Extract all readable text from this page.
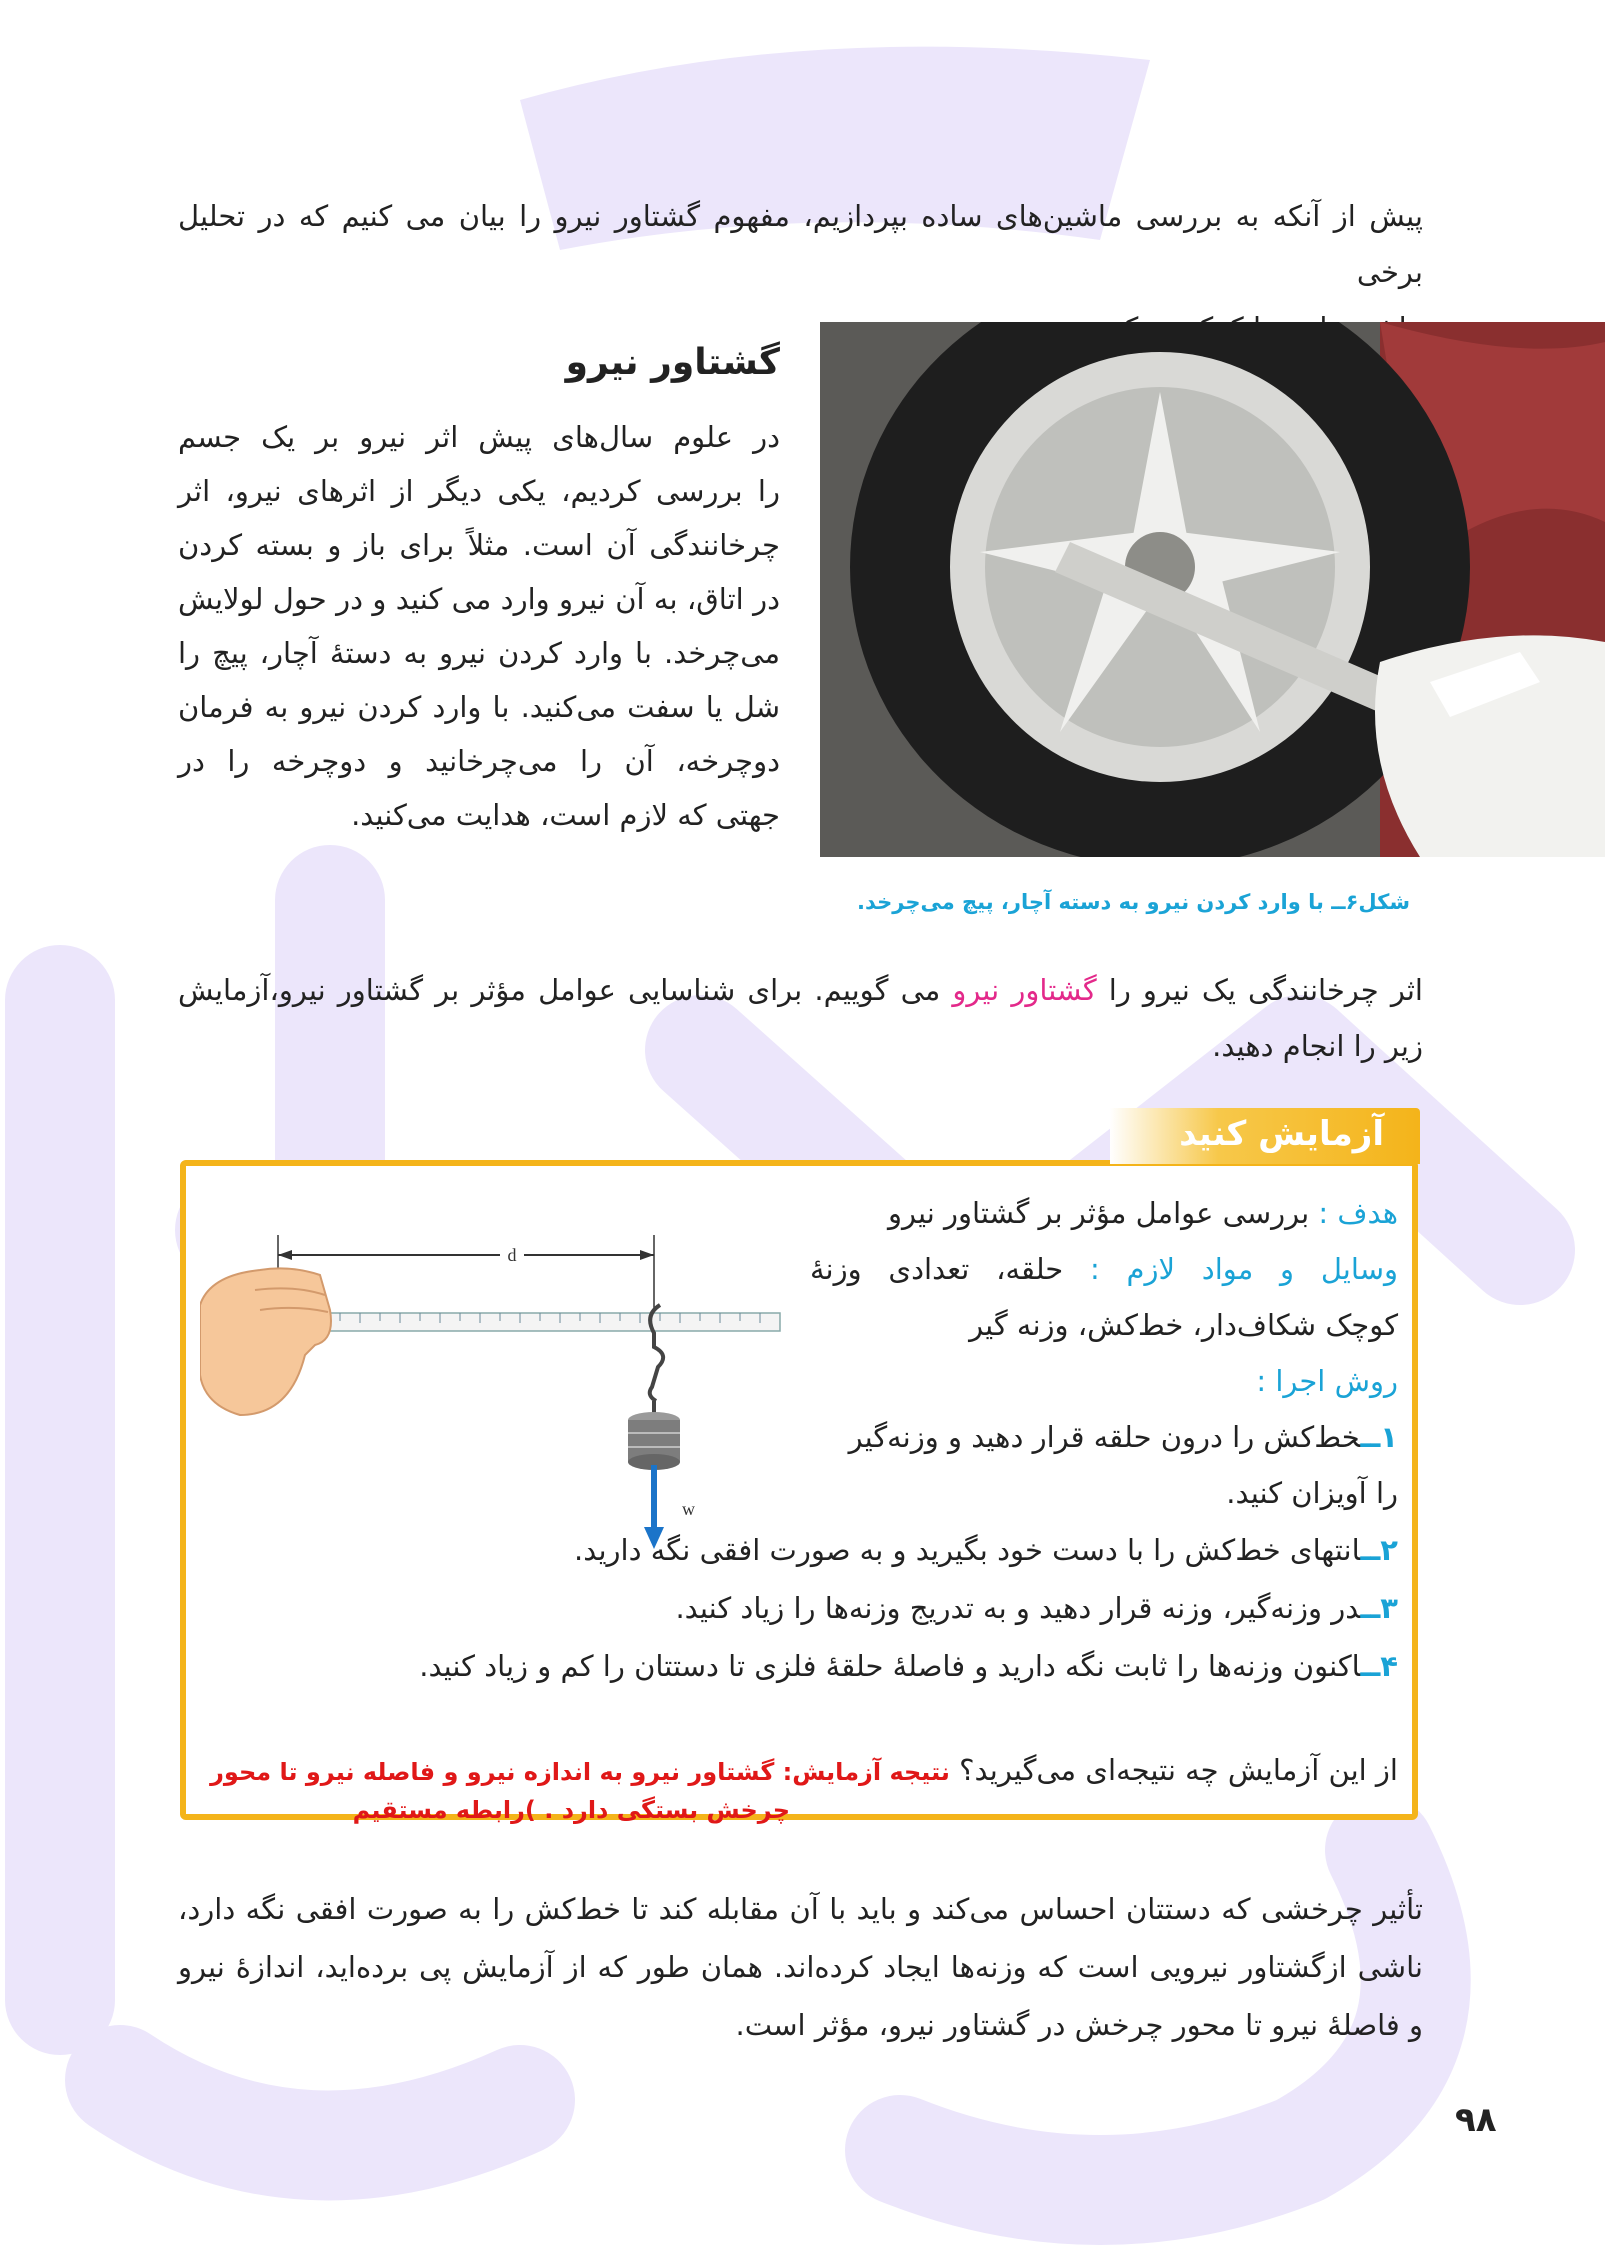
پیش از آنکه به بررسی ماشین‌های ساده بپردازیم، مفهوم گشتاور نیرو را بیان می کنیم که در تحلیل برخی
گشتاور نیرو
در علوم سال‌های پیش اثر نیرو بر یک جسم
را بررسی کردیم، یکی دیگر از اثرهای نیرو، اثر
چرخانندگی آن است. مثلاً برای باز و بسته کردن
در اتاق، به آن نیرو وارد می کنید و در حول لولایش
می‌چرخد. با وارد کردن نیرو به دستهٔ آچار، پیچ را
شل یا سفت می‌کنید. با وارد کردن نیرو به فرمان
دوچرخه، آن را می‌چرخانید و دوچرخه را در
جهتی که لازم است، هدایت می‌کنید.
شکل۶ــ با وارد کردن نیرو به دسته آچار، پیچ می‌چرخد.
اثر چرخانندگی یک نیرو را گشتاور نیرو می گوییم. برای شناسایی عوامل مؤثر بر گشتاور نیرو،آزمایش
زیر را انجام دهید.
آزمایش کنید
d
w
هدف : بررسی عوامل مؤثر بر گشتاور نیرو
وسایل و مواد لازم : حلقه، تعدادی وزنهٔ
کوچک شکاف‌دار، خط‌کش، وزنه گیر
روش اجرا :
۱ــخط‌کش را درون حلقه قرار دهید و وزنه‌گیر
را آویزان کنید.
۲ــانتهای خط‌کش را با دست خود بگیرید و به صورت افقی نگه دارید.
۳ــدر وزنه‌گیر، وزنه قرار دهید و به تدریج وزنه‌ها را زیاد کنید.
۴ــاکنون وزنه‌ها را ثابت نگه دارید و فاصلهٔ حلقهٔ فلزی تا دستتان را کم و زیاد کنید.
از این آزمایش چه نتیجه‌ای می‌گیرید؟ نتیجه آزمایش: گشتاور نیرو به اندازه نیرو و فاصله نیرو تا محور
چرخش بستگی دارد . )رابطه مستقیم
تأثیر چرخشی که دستتان احساس می‌کند و باید با آن مقابله کند تا خط‌کش را به صورت افقی نگه دارد،
ناشی ازگشتاور نیرویی است که وزنه‌ها ایجاد کرده‌اند. همان طور که از آزمایش پی برده‌اید، اندازهٔ نیرو
و فاصلهٔ نیرو تا محور چرخش در گشتاور نیرو، مؤثر است.
۹۸
